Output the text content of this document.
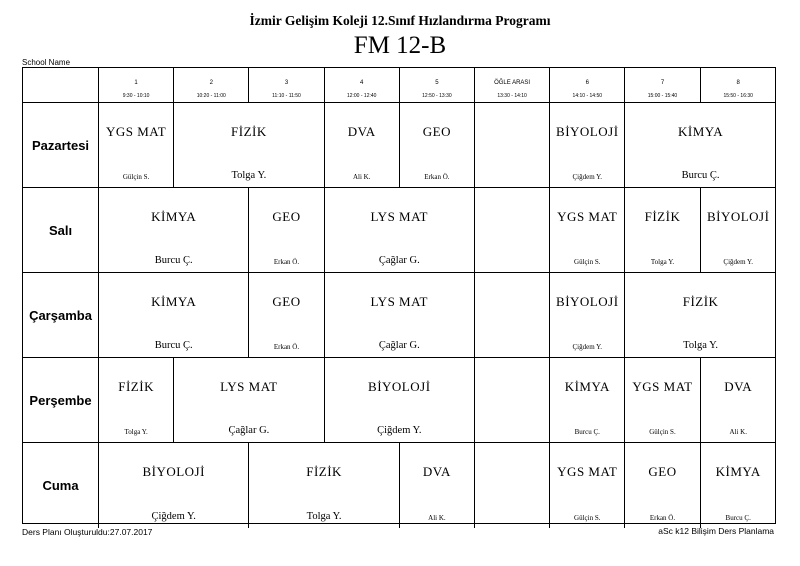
İzmir Gelişim Koleji 12.Sınıf Hızlandırma Programı
FM 12-B
School Name
1
9:30 - 10:10
2
10:20 - 11:00
3
11:10 - 11:50
4
12:00 - 12:40
5
12:50 - 13:30
ÖĞLE ARASI
13:30 - 14:10
6
14:10 - 14:50
7
15:00 - 15:40
8
15:50 - 16:30
Pazartesi
YGS MAT
Gülçin S.
FİZİK
Tolga Y.
DVA
Ali K.
GEO
Erkan Ö.
BİYOLOJİ
Çiğdem Y.
KİMYA
Burcu Ç.
Salı
KİMYA
Burcu Ç.
GEO
Erkan Ö.
LYS MAT
Çağlar G.
YGS MAT
Gülçin S.
FİZİK
Tolga Y.
BİYOLOJİ
Çiğdem Y.
Çarşamba
KİMYA
Burcu Ç.
GEO
Erkan Ö.
LYS MAT
Çağlar G.
BİYOLOJİ
Çiğdem Y.
FİZİK
Tolga Y.
Perşembe
FİZİK
Tolga Y.
LYS MAT
Çağlar G.
BİYOLOJİ
Çiğdem Y.
KİMYA
Burcu Ç.
YGS MAT
Gülçin S.
DVA
Ali K.
Cuma
BİYOLOJİ
Çiğdem Y.
FİZİK
Tolga Y.
DVA
Ali K.
YGS MAT
Gülçin S.
GEO
Erkan Ö.
KİMYA
Burcu Ç.
Ders Planı Oluşturuldu:27.07.2017	aSc k12 Bilişim Ders Planlama
